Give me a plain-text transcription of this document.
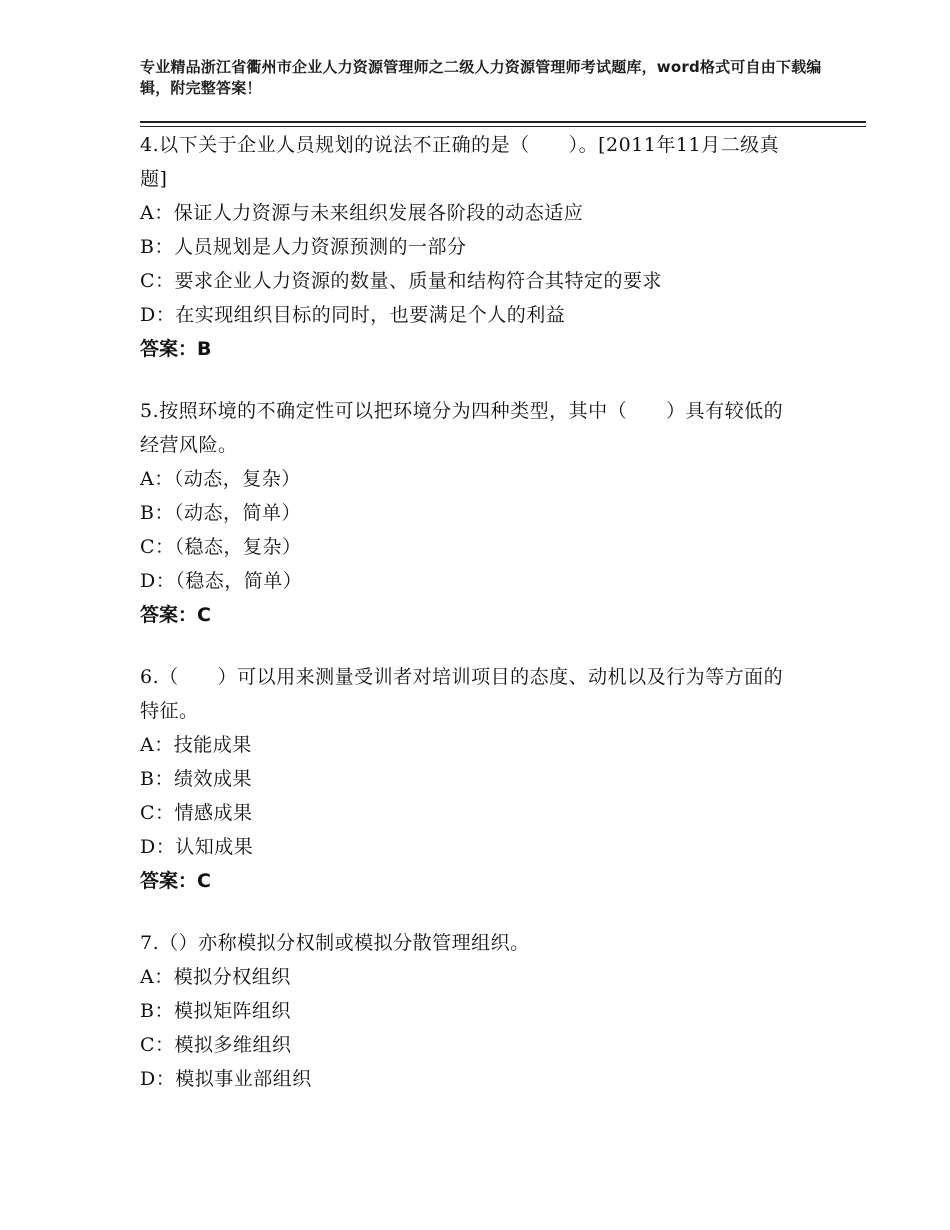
专业精品浙江省衢州市企业人力资源管理师之二级人力资源管理师考试题库，word格式可自由下载编辑，附完整答案！

4.以下关于企业人员规划的说法不正确的是（　　）。[2011年11月二级真题]

A：保证人力资源与未来组织发展各阶段的动态适应

B：人员规划是人力资源预测的一部分

C：要求企业人力资源的数量、质量和结构符合其特定的要求

D：在实现组织目标的同时，也要满足个人的利益

答案：B

5.按照环境的不确定性可以把环境分为四种类型，其中（　　）具有较低的经营风险。

A：（动态，复杂）

B：（动态，简单）

C：（稳态，复杂）

D：（稳态，简单）

答案：C

6.（　　）可以用来测量受训者对培训项目的态度、动机以及行为等方面的特征。

A：技能成果

B：绩效成果

C：情感成果

D：认知成果

答案：C

7.（）亦称模拟分权制或模拟分散管理组织。

A：模拟分权组织

B：模拟矩阵组织

C：模拟多维组织

D：模拟事业部组织
